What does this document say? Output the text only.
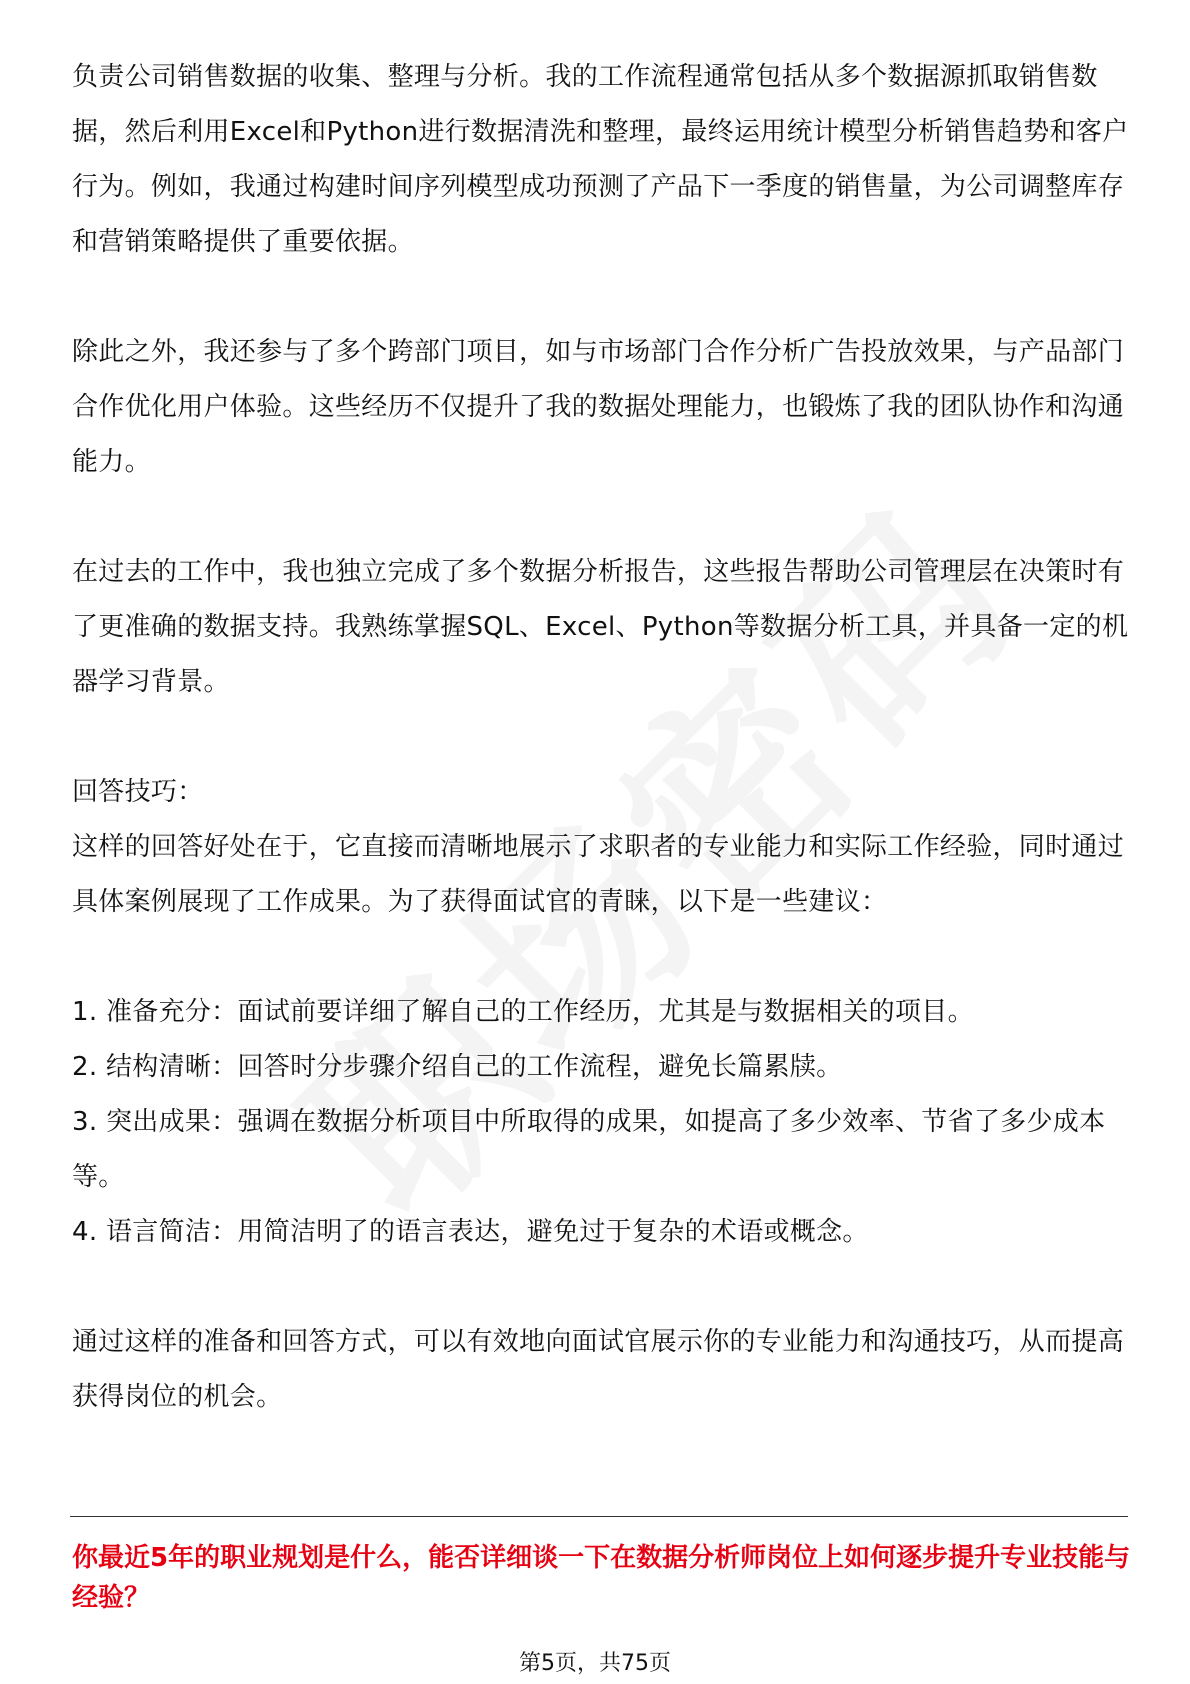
负责公司销售数据的收集、整理与分析。我的工作流程通常包括从多个数据源抓取销售数据，然后利用Excel和Python进行数据清洗和整理，最终运用统计模型分析销售趋势和客户行为。例如，我通过构建时间序列模型成功预测了产品下一季度的销售量，为公司调整库存和营销策略提供了重要依据。

除此之外，我还参与了多个跨部门项目，如与市场部门合作分析广告投放效果，与产品部门合作优化用户体验。这些经历不仅提升了我的数据处理能力，也锻炼了我的团队协作和沟通能力。

在过去的工作中，我也独立完成了多个数据分析报告，这些报告帮助公司管理层在决策时有了更准确的数据支持。我熟练掌握SQL、Excel、Python等数据分析工具，并具备一定的机器学习背景。

回答技巧：

这样的回答好处在于，它直接而清晰地展示了求职者的专业能力和实际工作经验，同时通过具体案例展现了工作成果。为了获得面试官的青睐，以下是一些建议：

1. 准备充分：面试前要详细了解自己的工作经历，尤其是与数据相关的项目。

2. 结构清晰：回答时分步骤介绍自己的工作流程，避免长篇累牍。

3. 突出成果：强调在数据分析项目中所取得的成果，如提高了多少效率、节省了多少成本等。

4. 语言简洁：用简洁明了的语言表达，避免过于复杂的术语或概念。

通过这样的准备和回答方式，可以有效地向面试官展示你的专业能力和沟通技巧，从而提高获得岗位的机会。

你最近5年的职业规划是什么，能否详细谈一下在数据分析师岗位上如何逐步提升专业技能与经验？

第5页，共75页
